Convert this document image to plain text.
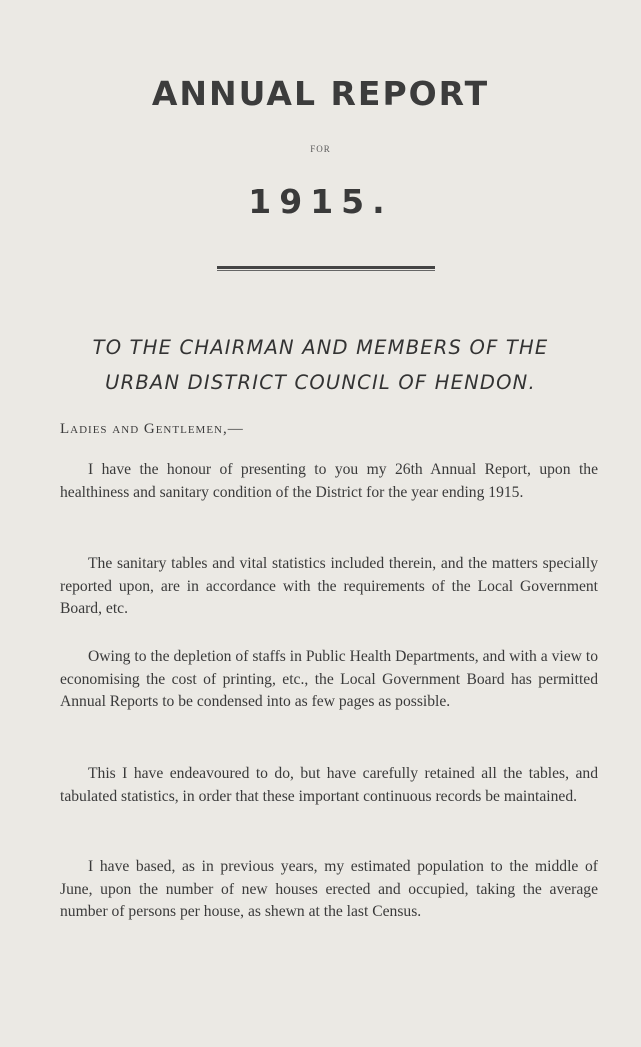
ANNUAL REPORT
FOR
1915.
TO THE CHAIRMAN AND MEMBERS OF THE
URBAN DISTRICT COUNCIL OF HENDON.
Ladies and Gentlemen,—

I have the honour of presenting to you my 26th Annual Report, upon the healthiness and sanitary condition of the District for the year ending 1915.

The sanitary tables and vital statistics included therein, and the matters specially reported upon, are in accordance with the requirements of the Local Government Board, etc.

Owing to the depletion of staffs in Public Health Departments, and with a view to economising the cost of printing, etc., the Local Government Board has permitted Annual Reports to be condensed into as few pages as possible.

This I have endeavoured to do, but have carefully retained all the tables, and tabulated statistics, in order that these important continuous records be maintained.

I have based, as in previous years, my estimated population to the middle of June, upon the number of new houses erected and occupied, taking the average number of persons per house, as shewn at the last Census.
